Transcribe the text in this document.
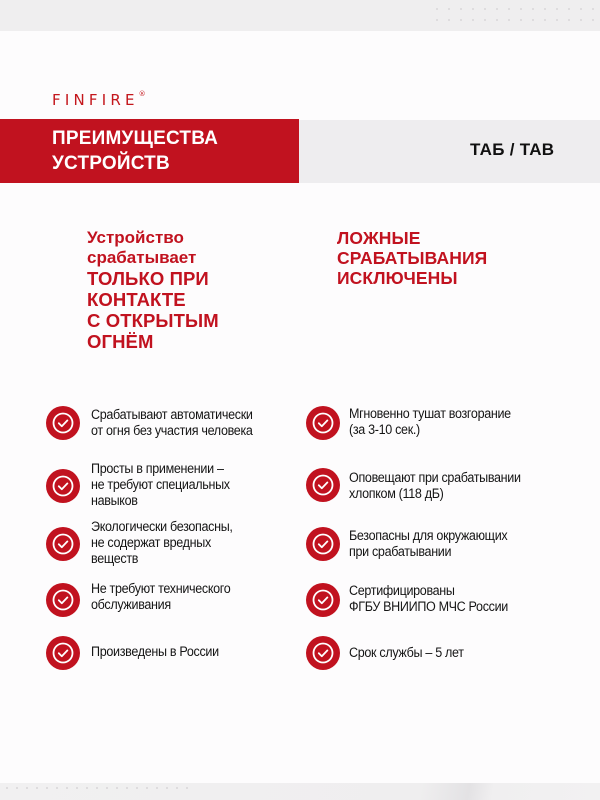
FINFIRE ®
ПРЕИМУЩЕСТВА
УСТРОЙСТВ
ТАБ / TAB
Устройство
срабатывает
ТОЛЬКО ПРИ
КОНТАКТЕ
С ОТКРЫТЫМ
ОГНЁМ
ЛОЖНЫЕ
СРАБАТЫВАНИЯ
ИСКЛЮЧЕНЫ
Срабатывают автоматически
от огня без участия человека
Просты в применении –
не требуют специальных
навыков
Экологически безопасны,
не содержат вредных
веществ
Не требуют технического
обслуживания
Произведены в России
Мгновенно тушат возгорание
(за 3-10 сек.)
Оповещают при срабатывании
хлопком (118 дБ)
Безопасны для окружающих
при срабатывании
Сертифицированы
ФГБУ ВНИИПО МЧС России
Срок службы – 5 лет
